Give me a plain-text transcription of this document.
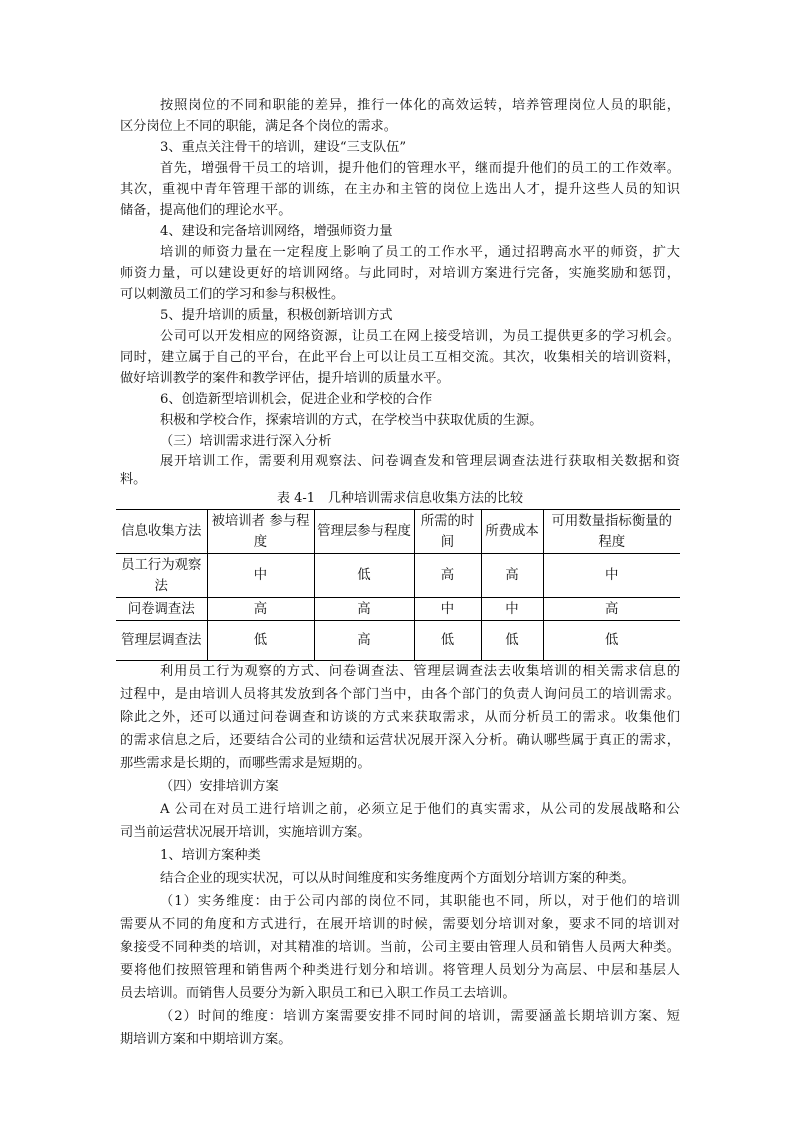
按照岗位的不同和职能的差异，推行一体化的高效运转，培养管理岗位人员的职能，
区分岗位上不同的职能，满足各个岗位的需求。
3、重点关注骨干的培训，建设“三支队伍”
首先，增强骨干员工的培训，提升他们的管理水平，继而提升他们的员工的工作效率。
其次，重视中青年管理干部的训练，在主办和主管的岗位上选出人才，提升这些人员的知识
储备，提高他们的理论水平。
4、建设和完备培训网络，增强师资力量
培训的师资力量在一定程度上影响了员工的工作水平，通过招聘高水平的师资，扩大
师资力量，可以建设更好的培训网络。与此同时，对培训方案进行完备，实施奖励和惩罚，
可以刺激员工们的学习和参与积极性。
5、提升培训的质量，积极创新培训方式
公司可以开发相应的网络资源，让员工在网上接受培训，为员工提供更多的学习机会。
同时，建立属于自己的平台，在此平台上可以让员工互相交流。其次，收集相关的培训资料，
做好培训教学的案件和教学评估，提升培训的质量水平。
6、创造新型培训机会，促进企业和学校的合作
积极和学校合作，探索培训的方式，在学校当中获取优质的生源。
表 4-1　几种培训需求信息收集方法的比较
信息收集方法	被培训者 参与程度	管理层参与程度	所需的时间	所费成本	可用数量指标衡量的程度
员工行为观察法	中	低	高	高	中
问卷调查法	高	高	中	中	高
管理层调查法	低	高	低	低	低
利用员工行为观察的方式、问卷调查法、管理层调查法去收集培训的相关需求信息的
过程中，是由培训人员将其发放到各个部门当中，由各个部门的负责人询问员工的培训需求。
除此之外，还可以通过问卷调查和访谈的方式来获取需求，从而分析员工的需求。收集他们
的需求信息之后，还要结合公司的业绩和运营状况展开深入分析。确认哪些属于真正的需求，
那些需求是长期的，而哪些需求是短期的。
（四）安排培训方案
A 公司在对员工进行培训之前，必须立足于他们的真实需求，从公司的发展战略和公
司当前运营状况展开培训，实施培训方案。
1、培训方案种类
结合企业的现实状况，可以从时间维度和实务维度两个方面划分培训方案的种类。
（1）实务维度：由于公司内部的岗位不同，其职能也不同，所以，对于他们的培训
需要从不同的角度和方式进行，在展开培训的时候，需要划分培训对象，要求不同的培训对
象接受不同种类的培训，对其精准的培训。当前，公司主要由管理人员和销售人员两大种类。
要将他们按照管理和销售两个种类进行划分和培训。将管理人员划分为高层、中层和基层人
员去培训。而销售人员要分为新入职员工和已入职工作员工去培训。
（2）时间的维度：培训方案需要安排不同时间的培训，需要涵盖长期培训方案、短
期培训方案和中期培训方案。
（三）培训需求进行深入分析
展开培训工作，需要利用观察法、问卷调查发和管理层调查法进行获取相关数据和资
料。
